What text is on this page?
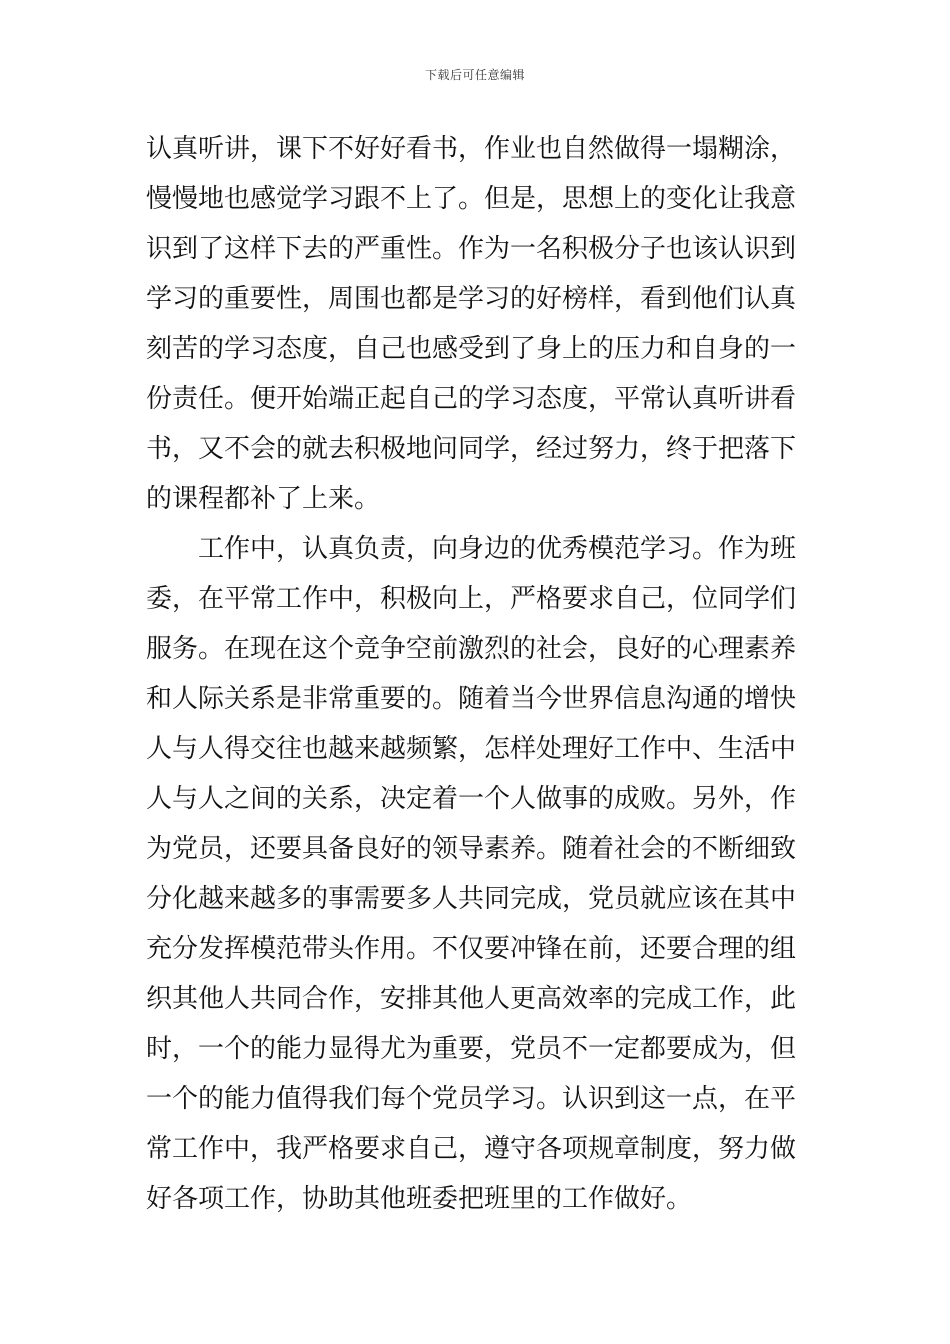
下载后可任意编辑
认真听讲，课下不好好看书，作业也自然做得一塌糊涂，
慢慢地也感觉学习跟不上了。但是，思想上的变化让我意
识到了这样下去的严重性。作为一名积极分子也该认识到
学习的重要性，周围也都是学习的好榜样，看到他们认真
刻苦的学习态度，自己也感受到了身上的压力和自身的一
份责任。便开始端正起自己的学习态度，平常认真听讲看
书，又不会的就去积极地问同学，经过努力，终于把落下
的课程都补了上来。
　　工作中，认真负责，向身边的优秀模范学习。作为班
委，在平常工作中，积极向上，严格要求自己，位同学们
服务。在现在这个竞争空前激烈的社会，良好的心理素养
和人际关系是非常重要的。随着当今世界信息沟通的增快
人与人得交往也越来越频繁，怎样处理好工作中、生活中
人与人之间的关系，决定着一个人做事的成败。另外，作
为党员，还要具备良好的领导素养。随着社会的不断细致
分化越来越多的事需要多人共同完成，党员就应该在其中
充分发挥模范带头作用。不仅要冲锋在前，还要合理的组
织其他人共同合作，安排其他人更高效率的完成工作，此
时，一个的能力显得尤为重要，党员不一定都要成为，但
一个的能力值得我们每个党员学习。认识到这一点，在平
常工作中，我严格要求自己，遵守各项规章制度，努力做
好各项工作，协助其他班委把班里的工作做好。
